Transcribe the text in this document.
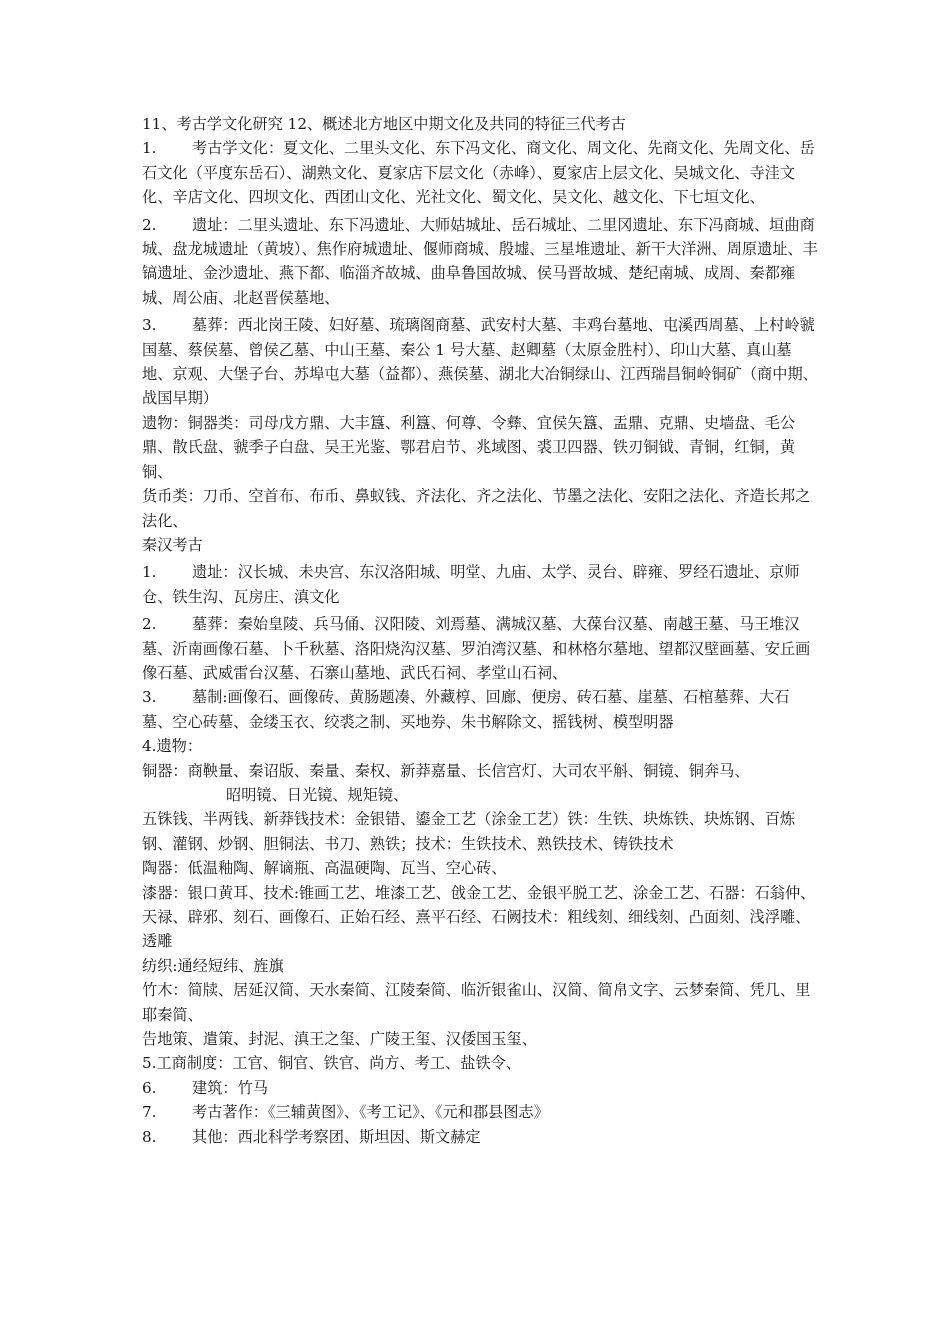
11、考古学文化研究 12、概述北方地区中期文化及共同的特征三代考古

1. 考古学文化：夏文化、二里头文化、东下冯文化、商文化、周文化、先商文化、先周文化、岳石文化（平度东岳石）、湖熟文化、夏家店下层文化（赤峰）、夏家店上层文化、吴城文化、寺洼文化、辛店文化、四坝文化、西团山文化、光社文化、蜀文化、吴文化、越文化、下七垣文化、

2. 遗址：二里头遗址、东下冯遗址、大师姑城址、岳石城址、二里冈遗址、东下冯商城、垣曲商城、盘龙城遗址（黄坡）、焦作府城遗址、偃师商城、殷墟、三星堆遗址、新干大洋洲、周原遗址、丰镐遗址、金沙遗址、燕下都、临淄齐故城、曲阜鲁国故城、侯马晋故城、楚纪南城、成周、秦都雍城、周公庙、北赵晋侯墓地、

3. 墓葬：西北岗王陵、妇好墓、琉璃阁商墓、武安村大墓、丰鸡台墓地、屯溪西周墓、上村岭虢国墓、蔡侯墓、曾侯乙墓、中山王墓、秦公 1 号大墓、赵卿墓（太原金胜村）、印山大墓、真山墓地、京观、大堡子台、苏埠屯大墓（益都）、燕侯墓、湖北大冶铜绿山、江西瑞昌铜岭铜矿（商中期、战国早期）

遗物：铜器类：司母戊方鼎、大丰簋、利簋、何尊、令彝、宜侯矢簋、盂鼎、克鼎、史墙盘、毛公鼎、散氏盘、虢季子白盘、吴王光鉴、鄂君启节、兆域图、裘卫四器、铁刃铜钺、青铜，红铜，黄铜、

货币类：刀币、空首布、布币、鼻蚁钱、齐法化、齐之法化、节墨之法化、安阳之法化、齐造长邦之法化、

秦汉考古

1. 遗址：汉长城、未央宫、东汉洛阳城、明堂、九庙、太学、灵台、辟雍、罗经石遗址、京师仓、铁生沟、瓦房庄、滇文化

2. 墓葬：秦始皇陵、兵马俑、汉阳陵、刘焉墓、满城汉墓、大葆台汉墓、南越王墓、马王堆汉墓、沂南画像石墓、卜千秋墓、洛阳烧沟汉墓、罗泊湾汉墓、和林格尔墓地、望都汉壁画墓、安丘画像石墓、武威雷台汉墓、石寨山墓地、武氏石祠、孝堂山石祠、

3. 墓制:画像石、画像砖、黄肠题凑、外藏椁、回廊、便房、砖石墓、崖墓、石棺墓葬、大石墓、空心砖墓、金缕玉衣、绞裘之制、买地券、朱书解除文、摇钱树、模型明器

4.遗物：

铜器：商鞅量、秦诏版、秦量、秦权、新莽嘉量、长信宫灯、大司农平斛、铜镜、铜奔马、

昭明镜、日光镜、规矩镜、

五铢钱、半两钱、新莽钱技术：金银错、鎏金工艺（涂金工艺）铁：生铁、块炼铁、块炼钢、百炼钢、灌钢、炒钢、胆铜法、书刀、熟铁；技术：生铁技术、熟铁技术、铸铁技术

陶器：低温釉陶、解谪瓶、高温硬陶、瓦当、空心砖、

漆器：银口黄耳、技术:锥画工艺、堆漆工艺、戗金工艺、金银平脱工艺、涂金工艺、石器：石翁仲、天禄、辟邪、刻石、画像石、正始石经、熹平石经、石阙技术：粗线刻、细线刻、凸面刻、浅浮雕、透雕

纺织:通经短纬、旌旗

竹木：简牍、居延汉简、天水秦简、江陵秦简、临沂银雀山、汉简、简帛文字、云梦秦简、凭几、里耶秦简、

告地策、遣策、封泥、滇王之玺、广陵王玺、汉倭国玉玺、

5.工商制度：工官、铜官、铁官、尚方、考工、盐铁令、

6. 建筑：竹马

7. 考古著作：《三辅黄图》、《考工记》、《元和郡县图志》

8. 其他：西北科学考察团、斯坦因、斯文赫定
